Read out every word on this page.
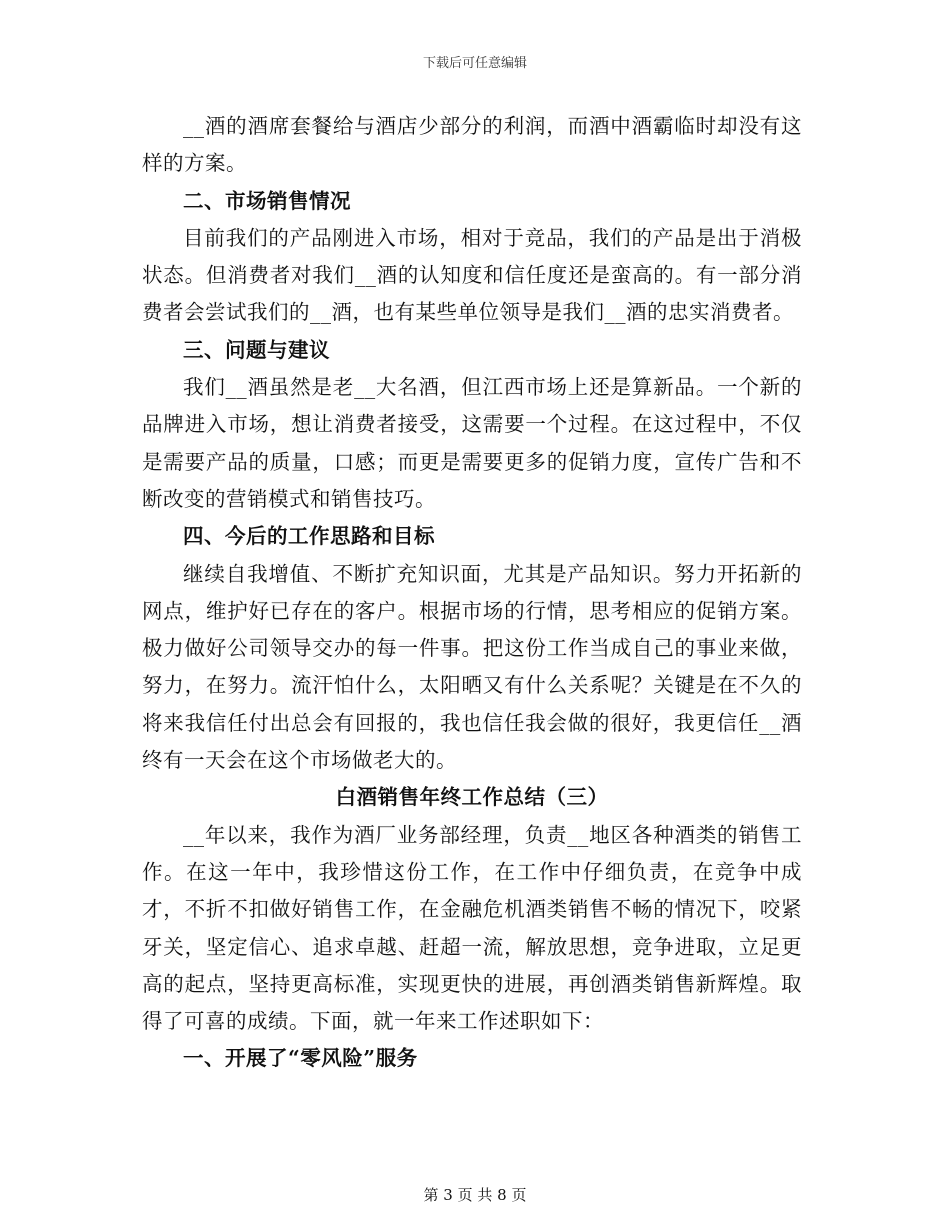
下载后可任意编辑

__酒的酒席套餐给与酒店少部分的利润，而酒中酒霸临时却没有这样的方案。

二、市场销售情况

目前我们的产品刚进入市场，相对于竞品，我们的产品是出于消极状态。但消费者对我们__酒的认知度和信任度还是蛮高的。有一部分消费者会尝试我们的__酒，也有某些单位领导是我们__酒的忠实消费者。

三、问题与建议

我们__酒虽然是老__大名酒，但江西市场上还是算新品。一个新的品牌进入市场，想让消费者接受，这需要一个过程。在这过程中，不仅是需要产品的质量，口感；而更是需要更多的促销力度，宣传广告和不断改变的营销模式和销售技巧。

四、今后的工作思路和目标

继续自我增值、不断扩充知识面，尤其是产品知识。努力开拓新的网点，维护好已存在的客户。根据市场的行情，思考相应的促销方案。极力做好公司领导交办的每一件事。把这份工作当成自己的事业来做，努力，在努力。流汗怕什么，太阳晒又有什么关系呢？关键是在不久的将来我信任付出总会有回报的，我也信任我会做的很好，我更信任__酒终有一天会在这个市场做老大的。

白酒销售年终工作总结（三）

__年以来，我作为酒厂业务部经理，负责__地区各种酒类的销售工作。在这一年中，我珍惜这份工作，在工作中仔细负责，在竞争中成才，不折不扣做好销售工作，在金融危机酒类销售不畅的情况下，咬紧牙关，坚定信心、追求卓越、赶超一流，解放思想，竞争进取，立足更高的起点，坚持更高标准，实现更快的进展，再创酒类销售新辉煌。取得了可喜的成绩。下面，就一年来工作述职如下：

一、开展了“零风险”服务

第 3 页 共 8 页
